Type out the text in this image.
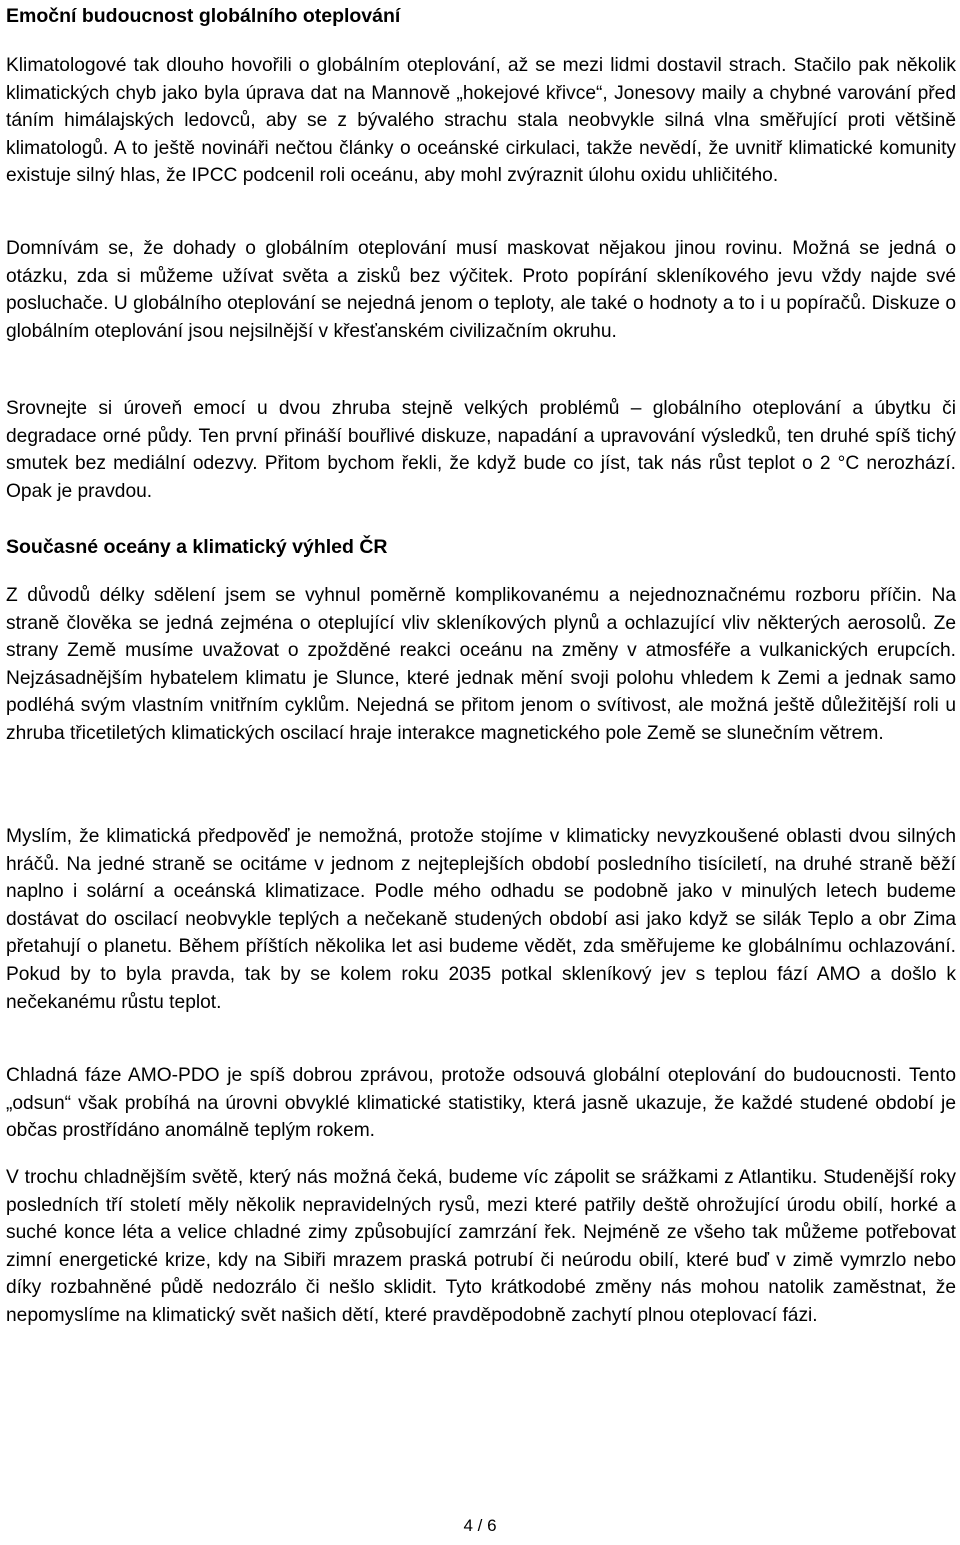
Emoční budoucnost globálního oteplování

Klimatologové tak dlouho hovořili o globálním oteplování, až se mezi lidmi dostavil strach. Stačilo pak několik klimatických chyb jako byla úprava dat na Mannově „hokejové křivce“, Jonesovy maily a chybné varování před táním himálajských ledovců, aby se z bývalého strachu stala neobvykle silná vlna směřující proti většině klimatologů. A to ještě novináři nečtou články o oceánské cirkulaci, takže nevědí, že uvnitř klimatické komunity existuje silný hlas, že IPCC podcenil roli oceánu, aby mohl zvýraznit úlohu oxidu uhličitého.

Domnívám se, že dohady o globálním oteplování musí maskovat nějakou jinou rovinu. Možná se jedná o otázku, zda si můžeme užívat světa a zisků bez výčitek. Proto popírání skleníkového jevu vždy najde své posluchače. U globálního oteplování se nejedná jenom o teploty, ale také o hodnoty a to i u popíračů. Diskuze o globálním oteplování jsou nejsilnější v křesťanském civilizačním okruhu.

Srovnejte si úroveň emocí u dvou zhruba stejně velkých problémů – globálního oteplování a úbytku či degradace orné půdy. Ten první přináší bouřlivé diskuze, napadání a upravování výsledků, ten druhé spíš tichý smutek bez mediální odezvy. Přitom bychom řekli, že když bude co jíst, tak nás růst teplot o 2 °C nerozhází. Opak je pravdou.

Současné oceány a klimatický výhled ČR

Z důvodů délky sdělení jsem se vyhnul poměrně komplikovanému a nejednoznačnému rozboru příčin. Na straně člověka se jedná zejména o oteplující vliv skleníkových plynů a ochlazující vliv některých aerosolů. Ze strany Země musíme uvažovat o zpožděné reakci oceánu na změny v atmosféře a vulkanických erupcích. Nejzásadnějším hybatelem klimatu je Slunce, které jednak mění svoji polohu vhledem k Zemi a jednak samo podléhá svým vlastním vnitřním cyklům. Nejedná se přitom jenom o svítivost, ale možná ještě důležitější roli u zhruba třicetiletých klimatických oscilací hraje interakce magnetického pole Země se slunečním větrem.

Myslím, že klimatická předpověď je nemožná, protože stojíme v klimaticky nevyzkoušené oblasti dvou silných hráčů. Na jedné straně se ocitáme v jednom z nejteplejších období posledního tisíciletí, na druhé straně běží naplno i solární a oceánská klimatizace. Podle mého odhadu se podobně jako v minulých letech budeme dostávat do oscilací neobvykle teplých a nečekaně studených období asi jako když se silák Teplo a obr Zima přetahují o planetu. Během příštích několika let asi budeme vědět, zda směřujeme ke globálnímu ochlazování. Pokud by to byla pravda, tak by se kolem roku 2035 potkal skleníkový jev s teplou fází AMO a došlo k nečekanému růstu teplot.

Chladná fáze AMO-PDO je spíš dobrou zprávou, protože odsouvá globální oteplování do budoucnosti. Tento „odsun“ však probíhá na úrovni obvyklé klimatické statistiky, která jasně ukazuje, že každé studené období je občas prostřídáno anomálně teplým rokem.

V trochu chladnějším světě, který nás možná čeká, budeme víc zápolit se srážkami z Atlantiku. Studenější roky posledních tří století měly několik nepravidelných rysů, mezi které patřily deště ohrožující úrodu obilí, horké a suché konce léta a velice chladné zimy způsobující zamrzání řek. Nejméně ze všeho tak můžeme potřebovat zimní energetické krize, kdy na Sibiři mrazem praská potrubí či neúrodu obilí, které buď v zimě vymrzlo nebo díky rozbahněné půdě nedozrálo či nešlo sklidit. Tyto krátkodobé změny nás mohou natolik zaměstnat, že nepomyslíme na klimatický svět našich dětí, které pravděpodobně zachytí plnou oteplovací fázi.

4 / 6
